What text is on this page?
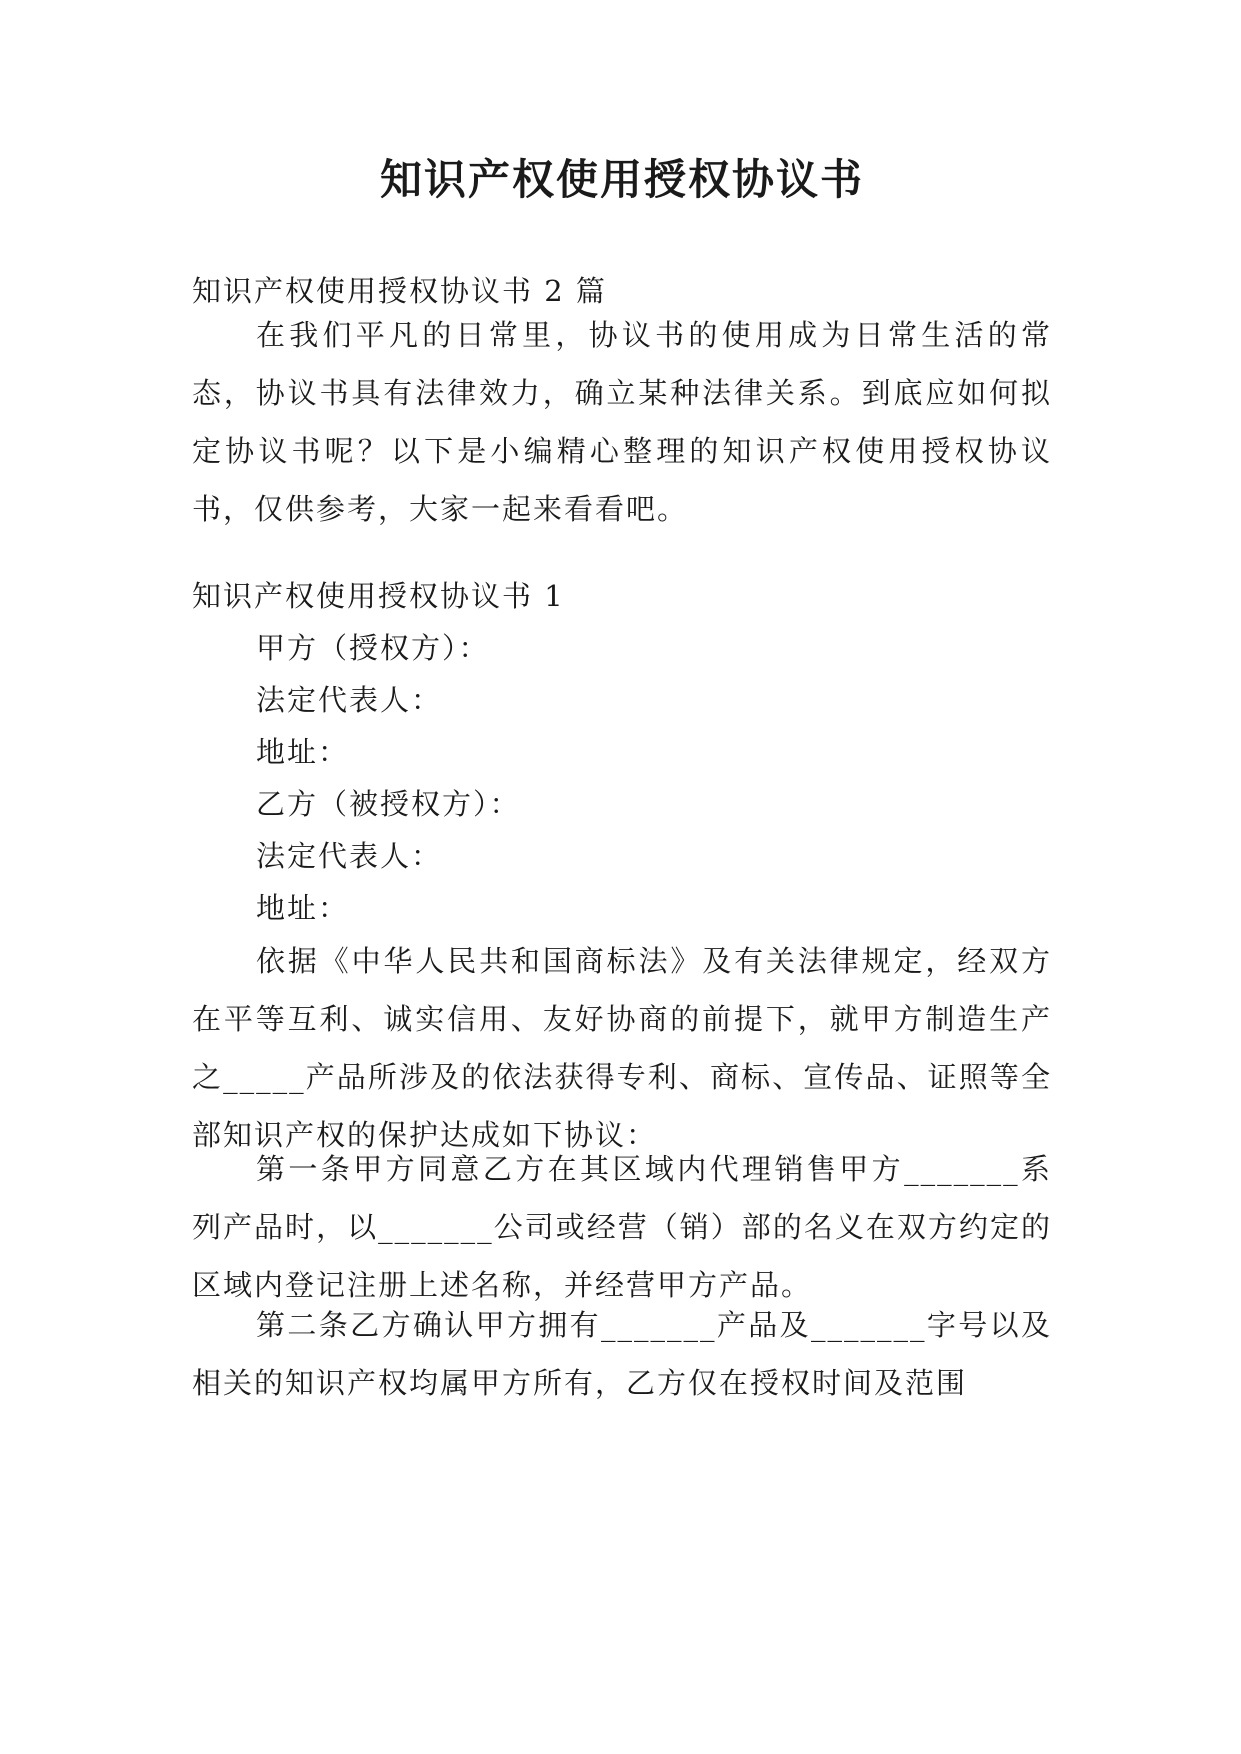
知识产权使用授权协议书

知识产权使用授权协议书 2 篇

在我们平凡的日常里，协议书的使用成为日常生活的常态，协议书具有法律效力，确立某种法律关系。到底应如何拟定协议书呢？以下是小编精心整理的知识产权使用授权协议书，仅供参考，大家一起来看看吧。

知识产权使用授权协议书 1

甲方（授权方）：

法定代表人：

地址：

乙方（被授权方）：

法定代表人：

地址：

依据《中华人民共和国商标法》及有关法律规定，经双方在平等互利、诚实信用、友好协商的前提下，就甲方制造生产之_____产品所涉及的依法获得专利、商标、宣传品、证照等全部知识产权的保护达成如下协议：

第一条甲方同意乙方在其区域内代理销售甲方_______系列产品时，以_______公司或经营（销）部的名义在双方约定的区域内登记注册上述名称，并经营甲方产品。

第二条乙方确认甲方拥有_______产品及_______字号以及相关的知识产权均属甲方所有，乙方仅在授权时间及范围
